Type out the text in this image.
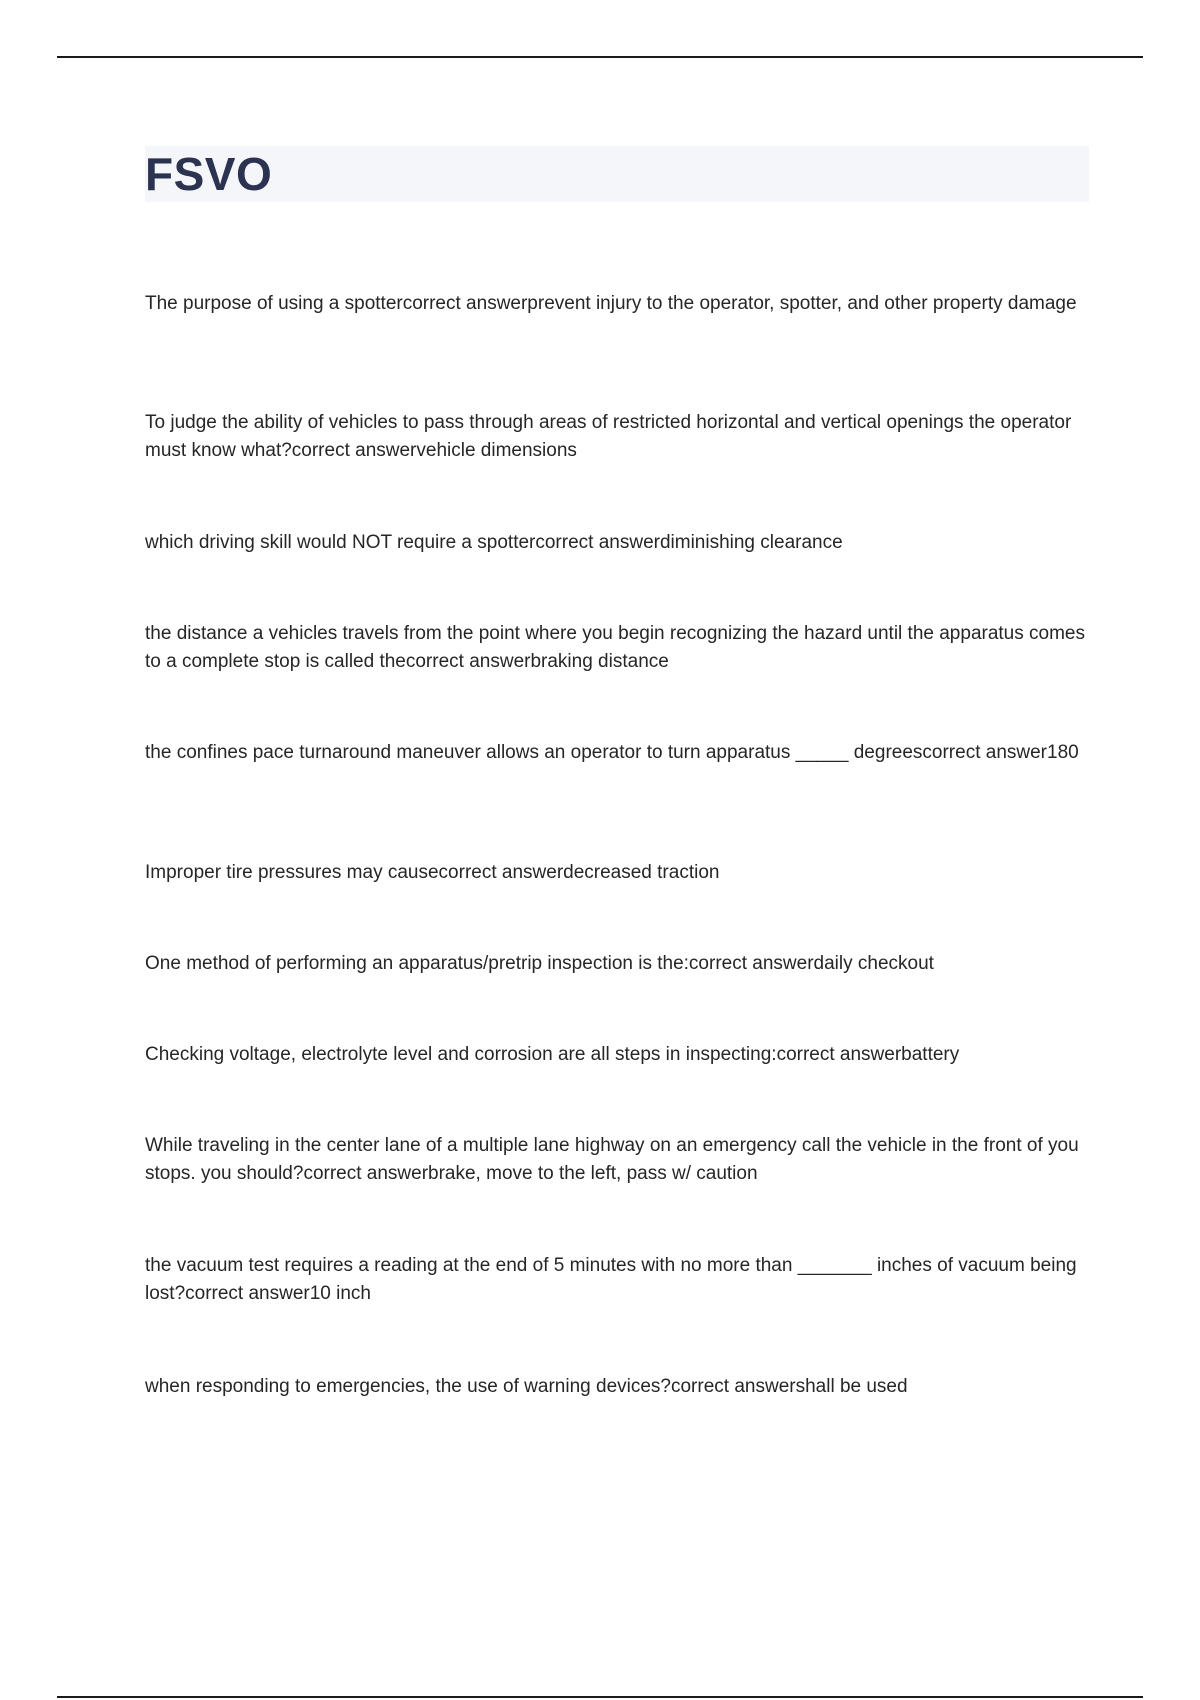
FSVO
The purpose of using a spottercorrect answerprevent injury to the operator, spotter, and other property damage
To judge the ability of vehicles to pass through areas of restricted horizontal and vertical openings the operator must know what?correct answervehicle dimensions
which driving skill would NOT require a spottercorrect answerdiminishing clearance
the distance a vehicles travels from the point where you begin recognizing the hazard until the apparatus comes to a complete stop is called thecorrect answerbraking distance
the confines pace turnaround maneuver allows an operator to turn apparatus _____ degreescorrect answer180
Improper tire pressures may causecorrect answerdecreased traction
One method of performing an apparatus/pretrip inspection is the:correct answerdaily checkout
Checking voltage, electrolyte level and corrosion are all steps in inspecting:correct answerbattery
While traveling in the center lane of a multiple lane highway on an emergency call the vehicle in the front of you stops. you should?correct answerbrake, move to the left, pass w/ caution
the vacuum test requires a reading at the end of 5 minutes with no more than _______ inches of vacuum being lost?correct answer10 inch
when responding to emergencies, the use of warning devices?correct answershall be used
